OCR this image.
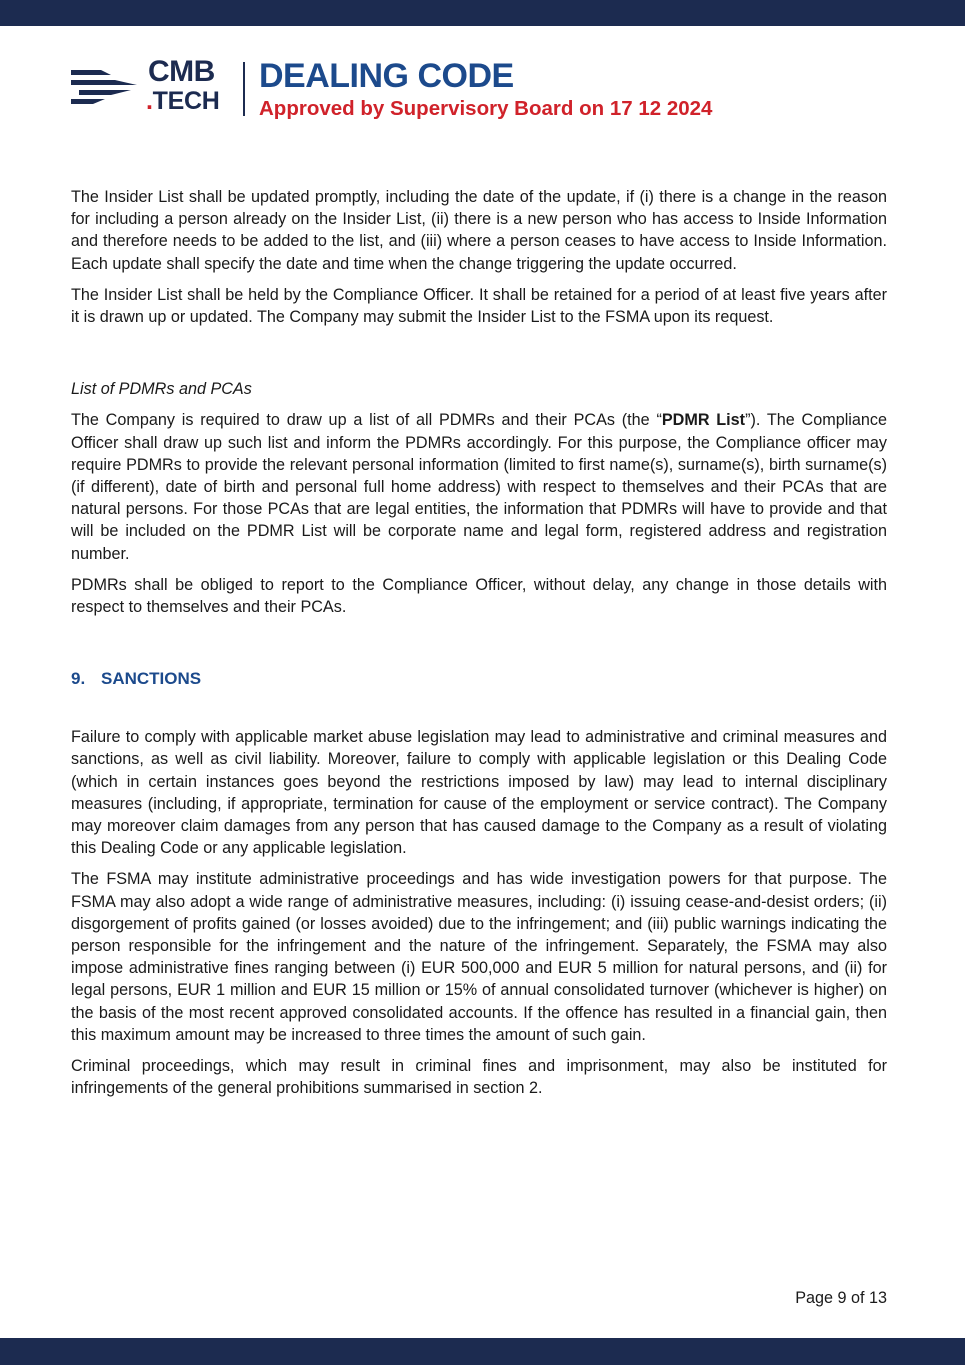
CMB
.TECH
DEALING CODE
Approved by Supervisory Board on 17 12 2024

The Insider List shall be updated promptly, including the date of the update, if (i) there is a change in the reason for including a person already on the Insider List, (ii) there is a new person who has access to Inside Information and therefore needs to be added to the list, and (iii) where a person ceases to have access to Inside Information. Each update shall specify the date and time when the change triggering the update occurred.

The Insider List shall be held by the Compliance Officer. It shall be retained for a period of at least five years after it is drawn up or updated. The Company may submit the Insider List to the FSMA upon its request.

List of PDMRs and PCAs

The Company is required to draw up a list of all PDMRs and their PCAs (the “PDMR List”). The Compliance Officer shall draw up such list and inform the PDMRs accordingly. For this purpose, the Compliance officer may require PDMRs to provide the relevant personal information (limited to first name(s), surname(s), birth surname(s) (if different), date of birth and personal full home address) with respect to themselves and their PCAs that are natural persons. For those PCAs that are legal entities, the information that PDMRs will have to provide and that will be included on the PDMR List will be corporate name and legal form, registered address and registration number.

PDMRs shall be obliged to report to the Compliance Officer, without delay, any change in those details with respect to themselves and their PCAs.

9. SANCTIONS

Failure to comply with applicable market abuse legislation may lead to administrative and criminal measures and sanctions, as well as civil liability. Moreover, failure to comply with applicable legislation or this Dealing Code (which in certain instances goes beyond the restrictions imposed by law) may lead to internal disciplinary measures (including, if appropriate, termination for cause of the employment or service contract). The Company may moreover claim damages from any person that has caused damage to the Company as a result of violating this Dealing Code or any applicable legislation.

The FSMA may institute administrative proceedings and has wide investigation powers for that purpose. The FSMA may also adopt a wide range of administrative measures, including: (i) issuing cease-and-desist orders; (ii) disgorgement of profits gained (or losses avoided) due to the infringement; and (iii) public warnings indicating the person responsible for the infringement and the nature of the infringement. Separately, the FSMA may also impose administrative fines ranging between (i) EUR 500,000 and EUR 5 million for natural persons, and (ii) for legal persons, EUR 1 million and EUR 15 million or 15% of annual consolidated turnover (whichever is higher) on the basis of the most recent approved consolidated accounts. If the offence has resulted in a financial gain, then this maximum amount may be increased to three times the amount of such gain.

Criminal proceedings, which may result in criminal fines and imprisonment, may also be instituted for infringements of the general prohibitions summarised in section 2.

Page 9 of 13
